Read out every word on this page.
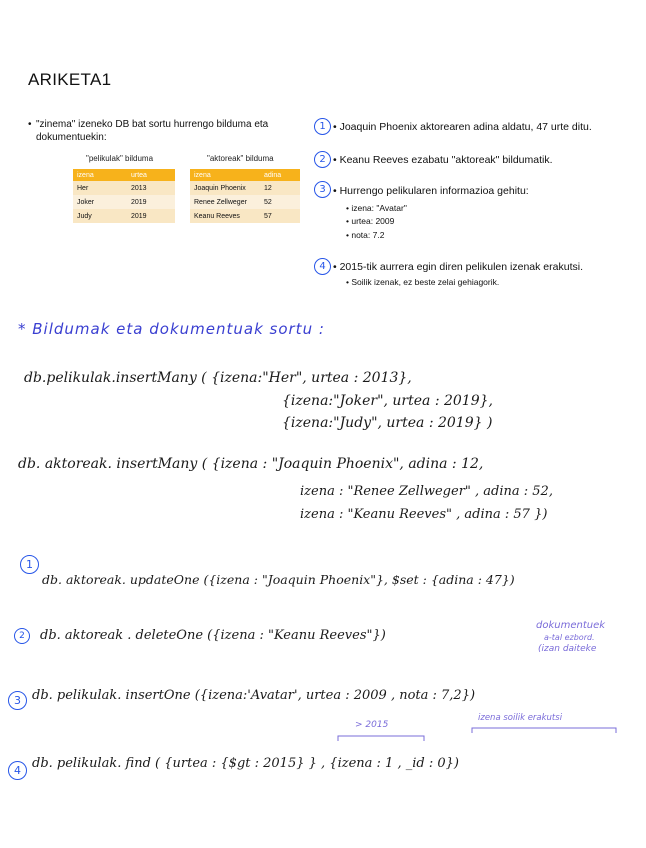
ARIKETA1
• "zinema" izeneko DB bat sortu hurrengo bilduma eta dokumentuekin:
"pelikulak" bilduma
izena	urtea
Her	2013
Joker	2019
Judy	2019
"aktoreak" bilduma
izena	adina
Joaquin Phoenix	12
Renee Zellweger	52
Keanu Reeves	57
1 • Joaquin Phoenix aktorearen adina aldatu, 47 urte ditu.
2 • Keanu Reeves ezabatu "aktoreak" bildumatik.
3 • Hurrengo pelikularen informazioa gehitu:
• izena: "Avatar"
• urtea: 2009
• nota: 7.2
4 • 2015-tik aurrera egin diren pelikulen izenak erakutsi.
• Soilik izenak, ez beste zelai gehiagorik.
* Bildumak eta dokumentuak sortu :
db.pelikulak.insertMany ( {izena:"Her", urtea : 2013},
{izena:"Joker", urtea : 2019},
{izena:"Judy", urtea : 2019} )
db. aktoreak. insertMany ( {izena : "Joaquin Phoenix", adina : 12,
izena : "Renee Zellweger" , adina : 52,
izena : "Keanu Reeves" , adina : 57 })
1
db. aktoreak. updateOne ({izena : "Joaquin Phoenix"}, $set : {adina : 47})
2	db. aktoreak . deleteOne ({izena : "Keanu Reeves"})
dokumentuek
a-tal ezbord.
(izan daiteke
3 db. pelikulak. insertOne ({izena:'Avatar', urtea : 2009 , nota : 7,2})
> 2015
izena soilik erakutsi
4 db. pelikulak. find ( {urtea : {$gt : 2015} } , {izena : 1 , _id : 0})
